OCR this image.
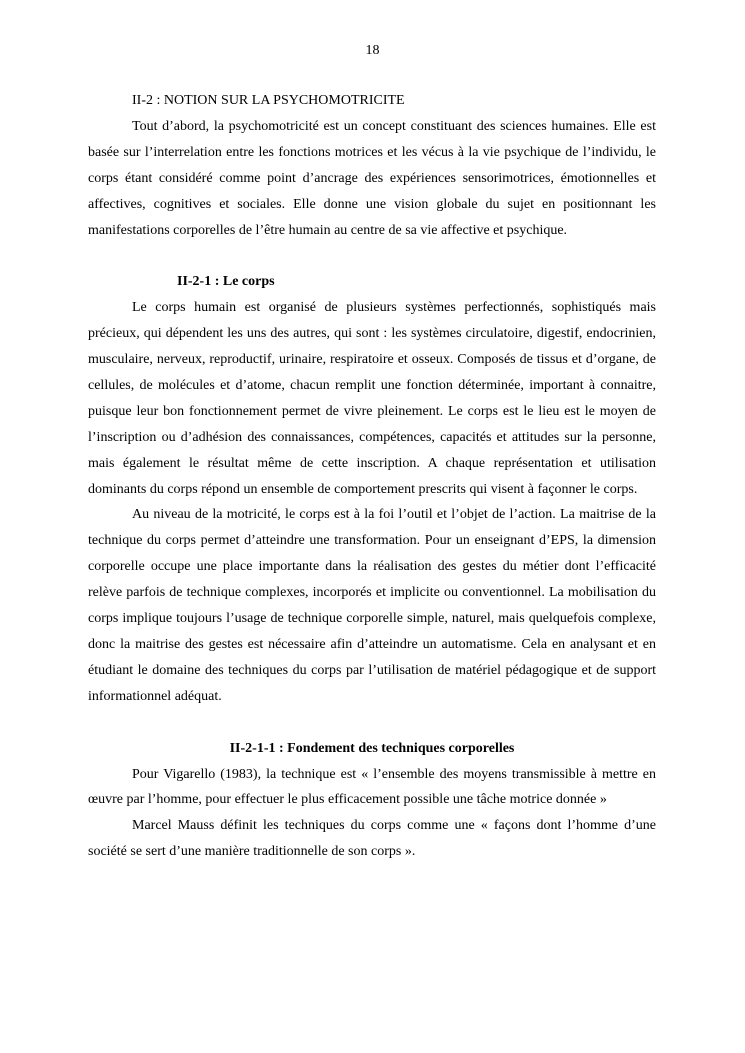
18
II-2 : NOTION SUR LA PSYCHOMOTRICITE

Tout d’abord, la psychomotricité est un concept constituant des sciences humaines. Elle est basée sur l’interrelation entre les fonctions motrices et les vécus à la vie psychique de l’individu, le corps étant considéré comme point d’ancrage des expériences sensorimotrices, émotionnelles et affectives, cognitives et sociales. Elle donne une vision globale du sujet en positionnant les manifestations corporelles de l’être humain au centre de sa vie affective et psychique.

II-2-1 : Le corps

Le corps humain est organisé de plusieurs systèmes perfectionnés, sophistiqués mais précieux, qui dépendent les uns des autres, qui sont : les systèmes circulatoire, digestif, endocrinien, musculaire, nerveux, reproductif, urinaire, respiratoire et osseux. Composés de tissus et d’organe, de cellules, de molécules et d’atome, chacun remplit une fonction déterminée, important à connaitre, puisque leur bon fonctionnement permet de vivre pleinement. Le corps est le lieu est le moyen de l’inscription ou d’adhésion des connaissances, compétences, capacités et attitudes sur la personne, mais également le résultat même de cette inscription. A chaque représentation et utilisation dominants du corps répond un ensemble de comportement prescrits qui visent à façonner le corps.

Au niveau de la motricité, le corps est à la foi l’outil et l’objet de l’action. La maitrise de la technique du corps permet d’atteindre une transformation. Pour un enseignant d’EPS, la dimension corporelle occupe une place importante dans la réalisation des gestes du métier dont l’efficacité relève parfois de technique complexes, incorporés et implicite ou conventionnel. La mobilisation du corps implique toujours l’usage de technique corporelle simple, naturel, mais quelquefois complexe, donc la maitrise des gestes est nécessaire afin d’atteindre un automatisme. Cela en analysant et en étudiant le domaine des techniques du corps par l’utilisation de matériel pédagogique et de support informationnel adéquat.

II-2-1-1 : Fondement des techniques corporelles

Pour Vigarello (1983), la technique est « l’ensemble des moyens transmissible à mettre en œuvre par l’homme, pour effectuer le plus efficacement possible une tâche motrice donnée »

Marcel Mauss définit les techniques du corps comme une « façons dont l’homme d’une société se sert d’une manière traditionnelle de son corps ».
